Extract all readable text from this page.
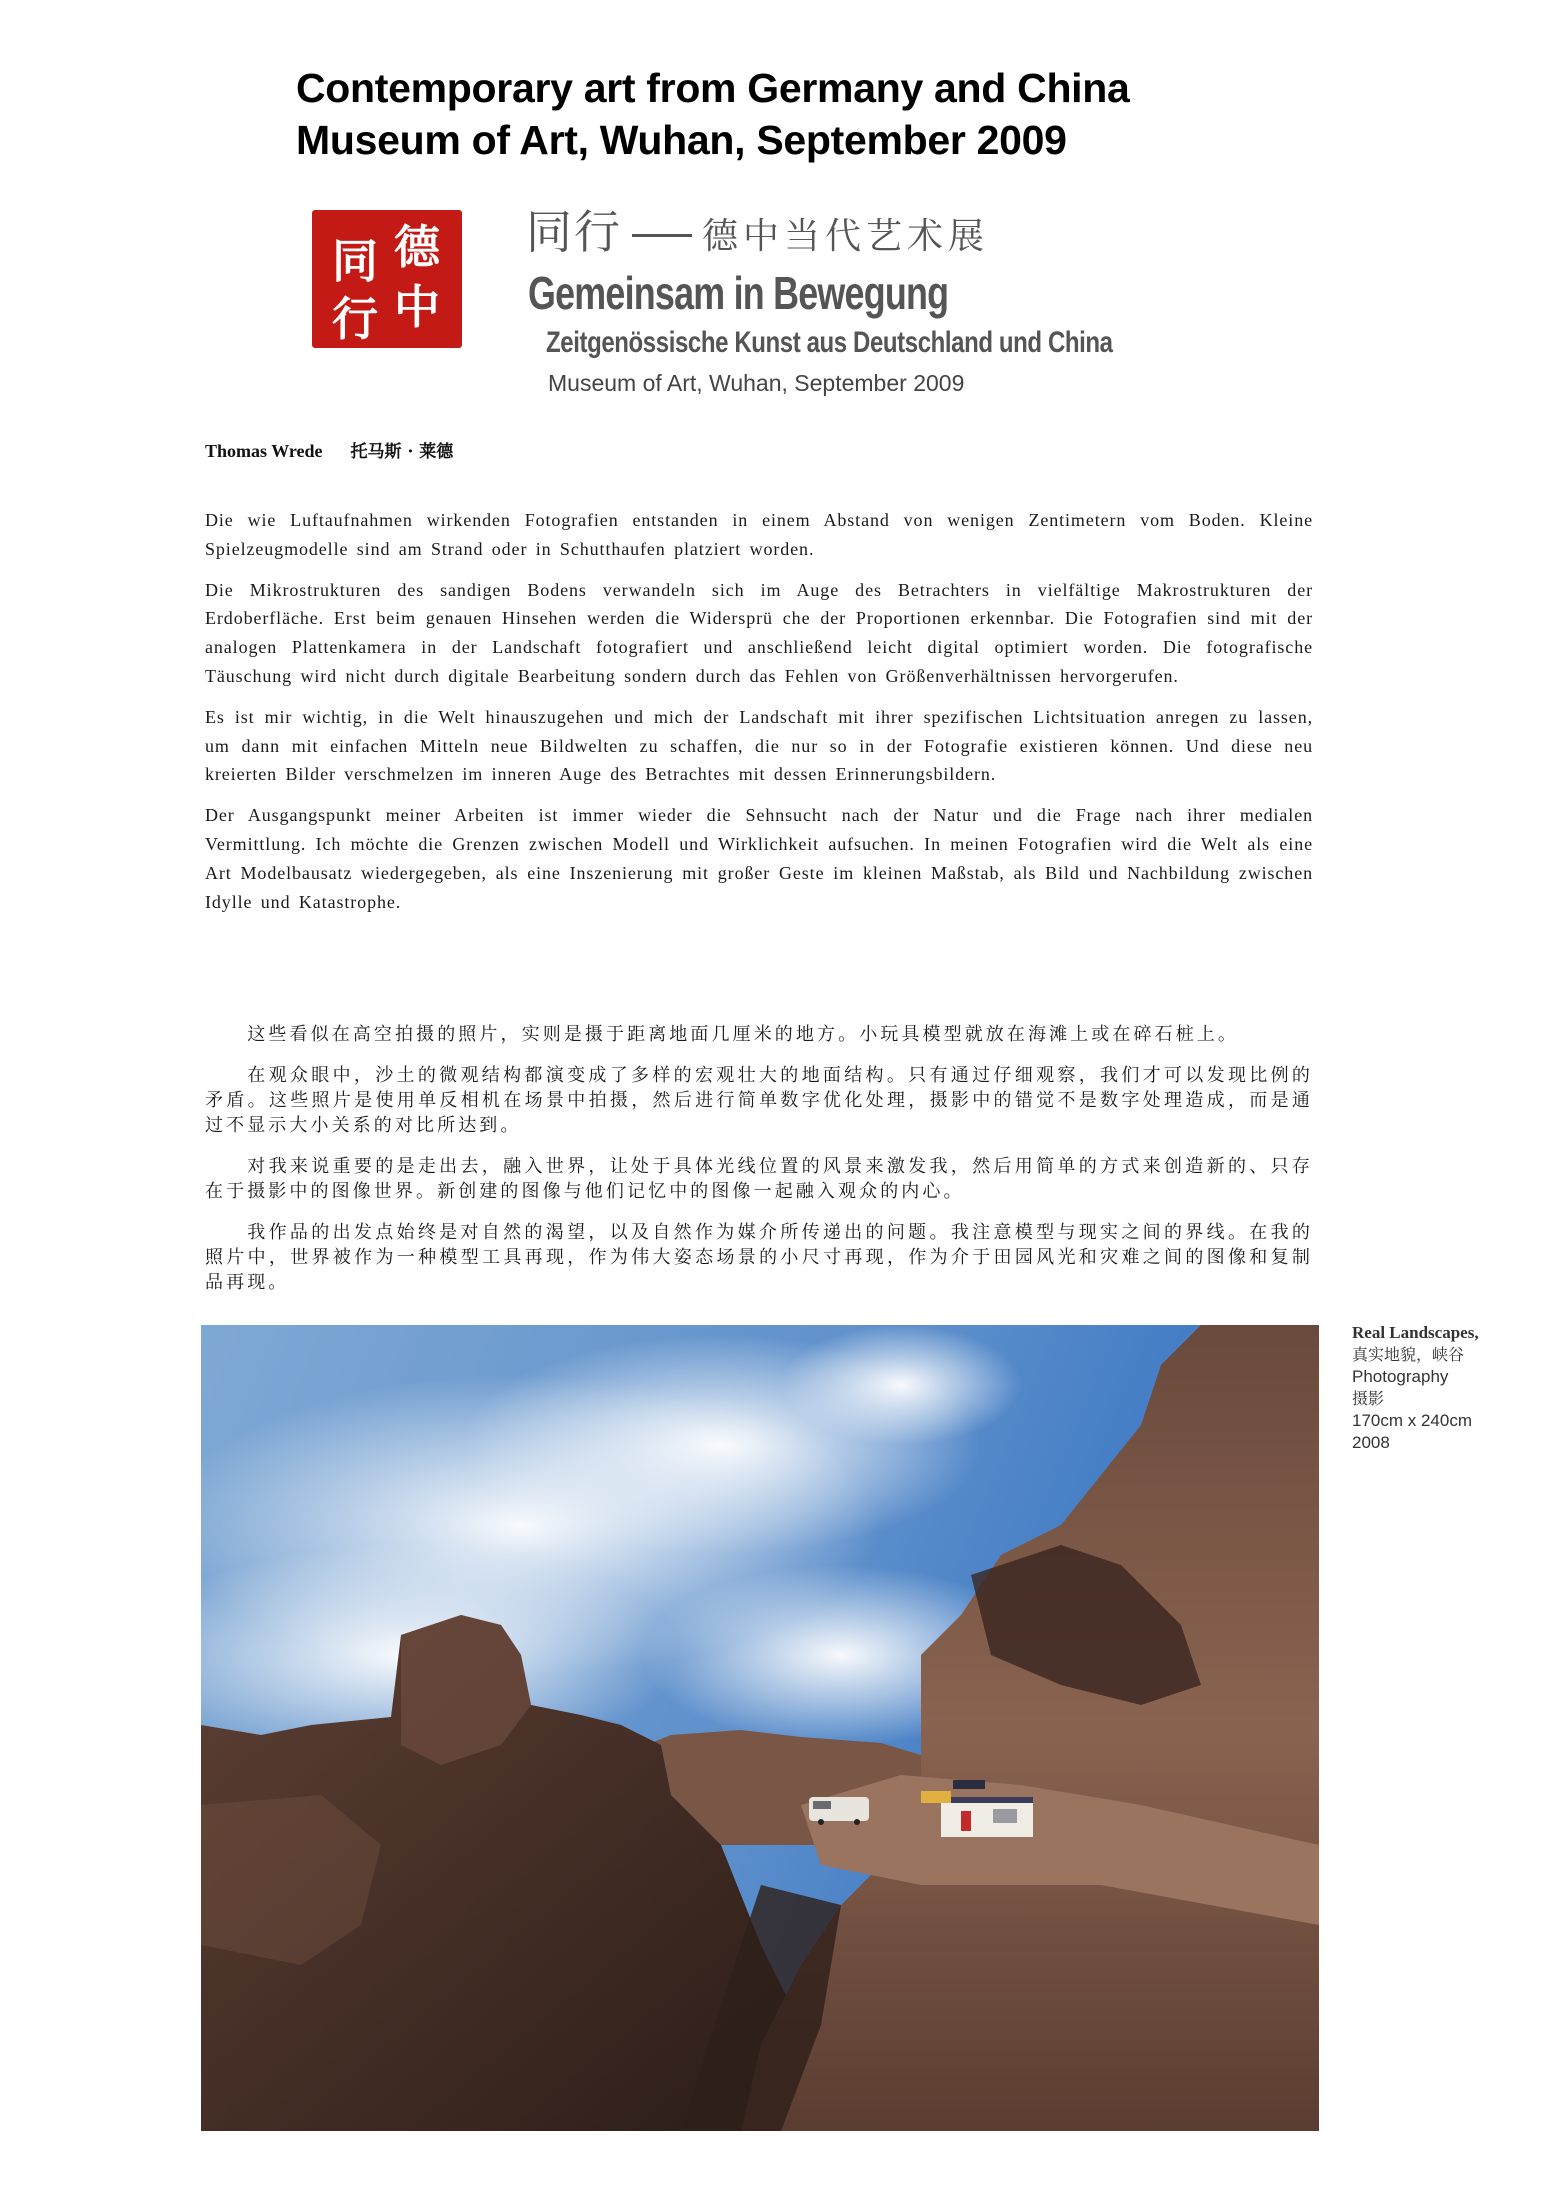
Contemporary art from Germany and China
Museum of Art, Wuhan, September 2009
德
中
同
行
同行 德中当代艺术展
Gemeinsam in Bewegung
Zeitgenössische Kunst aus Deutschland und China
Museum of Art, Wuhan, September 2009
Thomas Wrede 托马斯 · 莱德

Die wie Luftaufnahmen wirkenden Fotografien entstanden in einem Abstand von wenigen Zentimetern vom Boden. Kleine Spielzeugmodelle sind am Strand oder in Schutthaufen platziert worden.

Die Mikrostrukturen des sandigen Bodens verwandeln sich im Auge des Betrachters in vielfältige Makrostrukturen der Erdoberfläche. Erst beim genauen Hinsehen werden die Widersprü che der Proportionen erkennbar. Die Fotografien sind mit der analogen Plattenkamera in der Landschaft fotografiert und anschließend leicht digital optimiert worden. Die fotografische Täuschung wird nicht durch digitale Bearbeitung sondern durch das Fehlen von Größenverhältnissen hervorgerufen.

Es ist mir wichtig, in die Welt hinauszugehen und mich der Landschaft mit ihrer spezifischen Lichtsituation anregen zu lassen, um dann mit einfachen Mitteln neue Bildwelten zu schaffen, die nur so in der Fotografie existieren können. Und diese neu kreierten Bilder verschmelzen im inneren Auge des Betrachtes mit dessen Erinnerungsbildern.

Der Ausgangspunkt meiner Arbeiten ist immer wieder die Sehnsucht nach der Natur und die Frage nach ihrer medialen Vermittlung. Ich möchte die Grenzen zwischen Modell und Wirklichkeit aufsuchen. In meinen Fotografien wird die Welt als eine Art Modelbausatz wiedergegeben, als eine Inszenierung mit großer Geste im kleinen Maßstab, als Bild und Nachbildung zwischen Idylle und Katastrophe.

这些看似在高空拍摄的照片，实则是摄于距离地面几厘米的地方。小玩具模型就放在海滩上或在碎石桩上。

在观众眼中，沙土的微观结构都演变成了多样的宏观壮大的地面结构。只有通过仔细观察，我们才可以发现比例的矛盾。这些照片是使用单反相机在场景中拍摄，然后进行简单数字优化处理，摄影中的错觉不是数字处理造成，而是通过不显示大小关系的对比所达到。

对我来说重要的是走出去，融入世界，让处于具体光线位置的风景来激发我，然后用简单的方式来创造新的、只存在于摄影中的图像世界。新创建的图像与他们记忆中的图像一起融入观众的内心。

我作品的出发点始终是对自然的渴望，以及自然作为媒介所传递出的问题。我注意模型与现实之间的界线。在我的照片中，世界被作为一种模型工具再现，作为伟大姿态场景的小尺寸再现，作为介于田园风光和灾难之间的图像和复制品再现。

Real Landscapes,
真实地貌，峡谷
Photography
摄影
170cm x 240cm
2008
